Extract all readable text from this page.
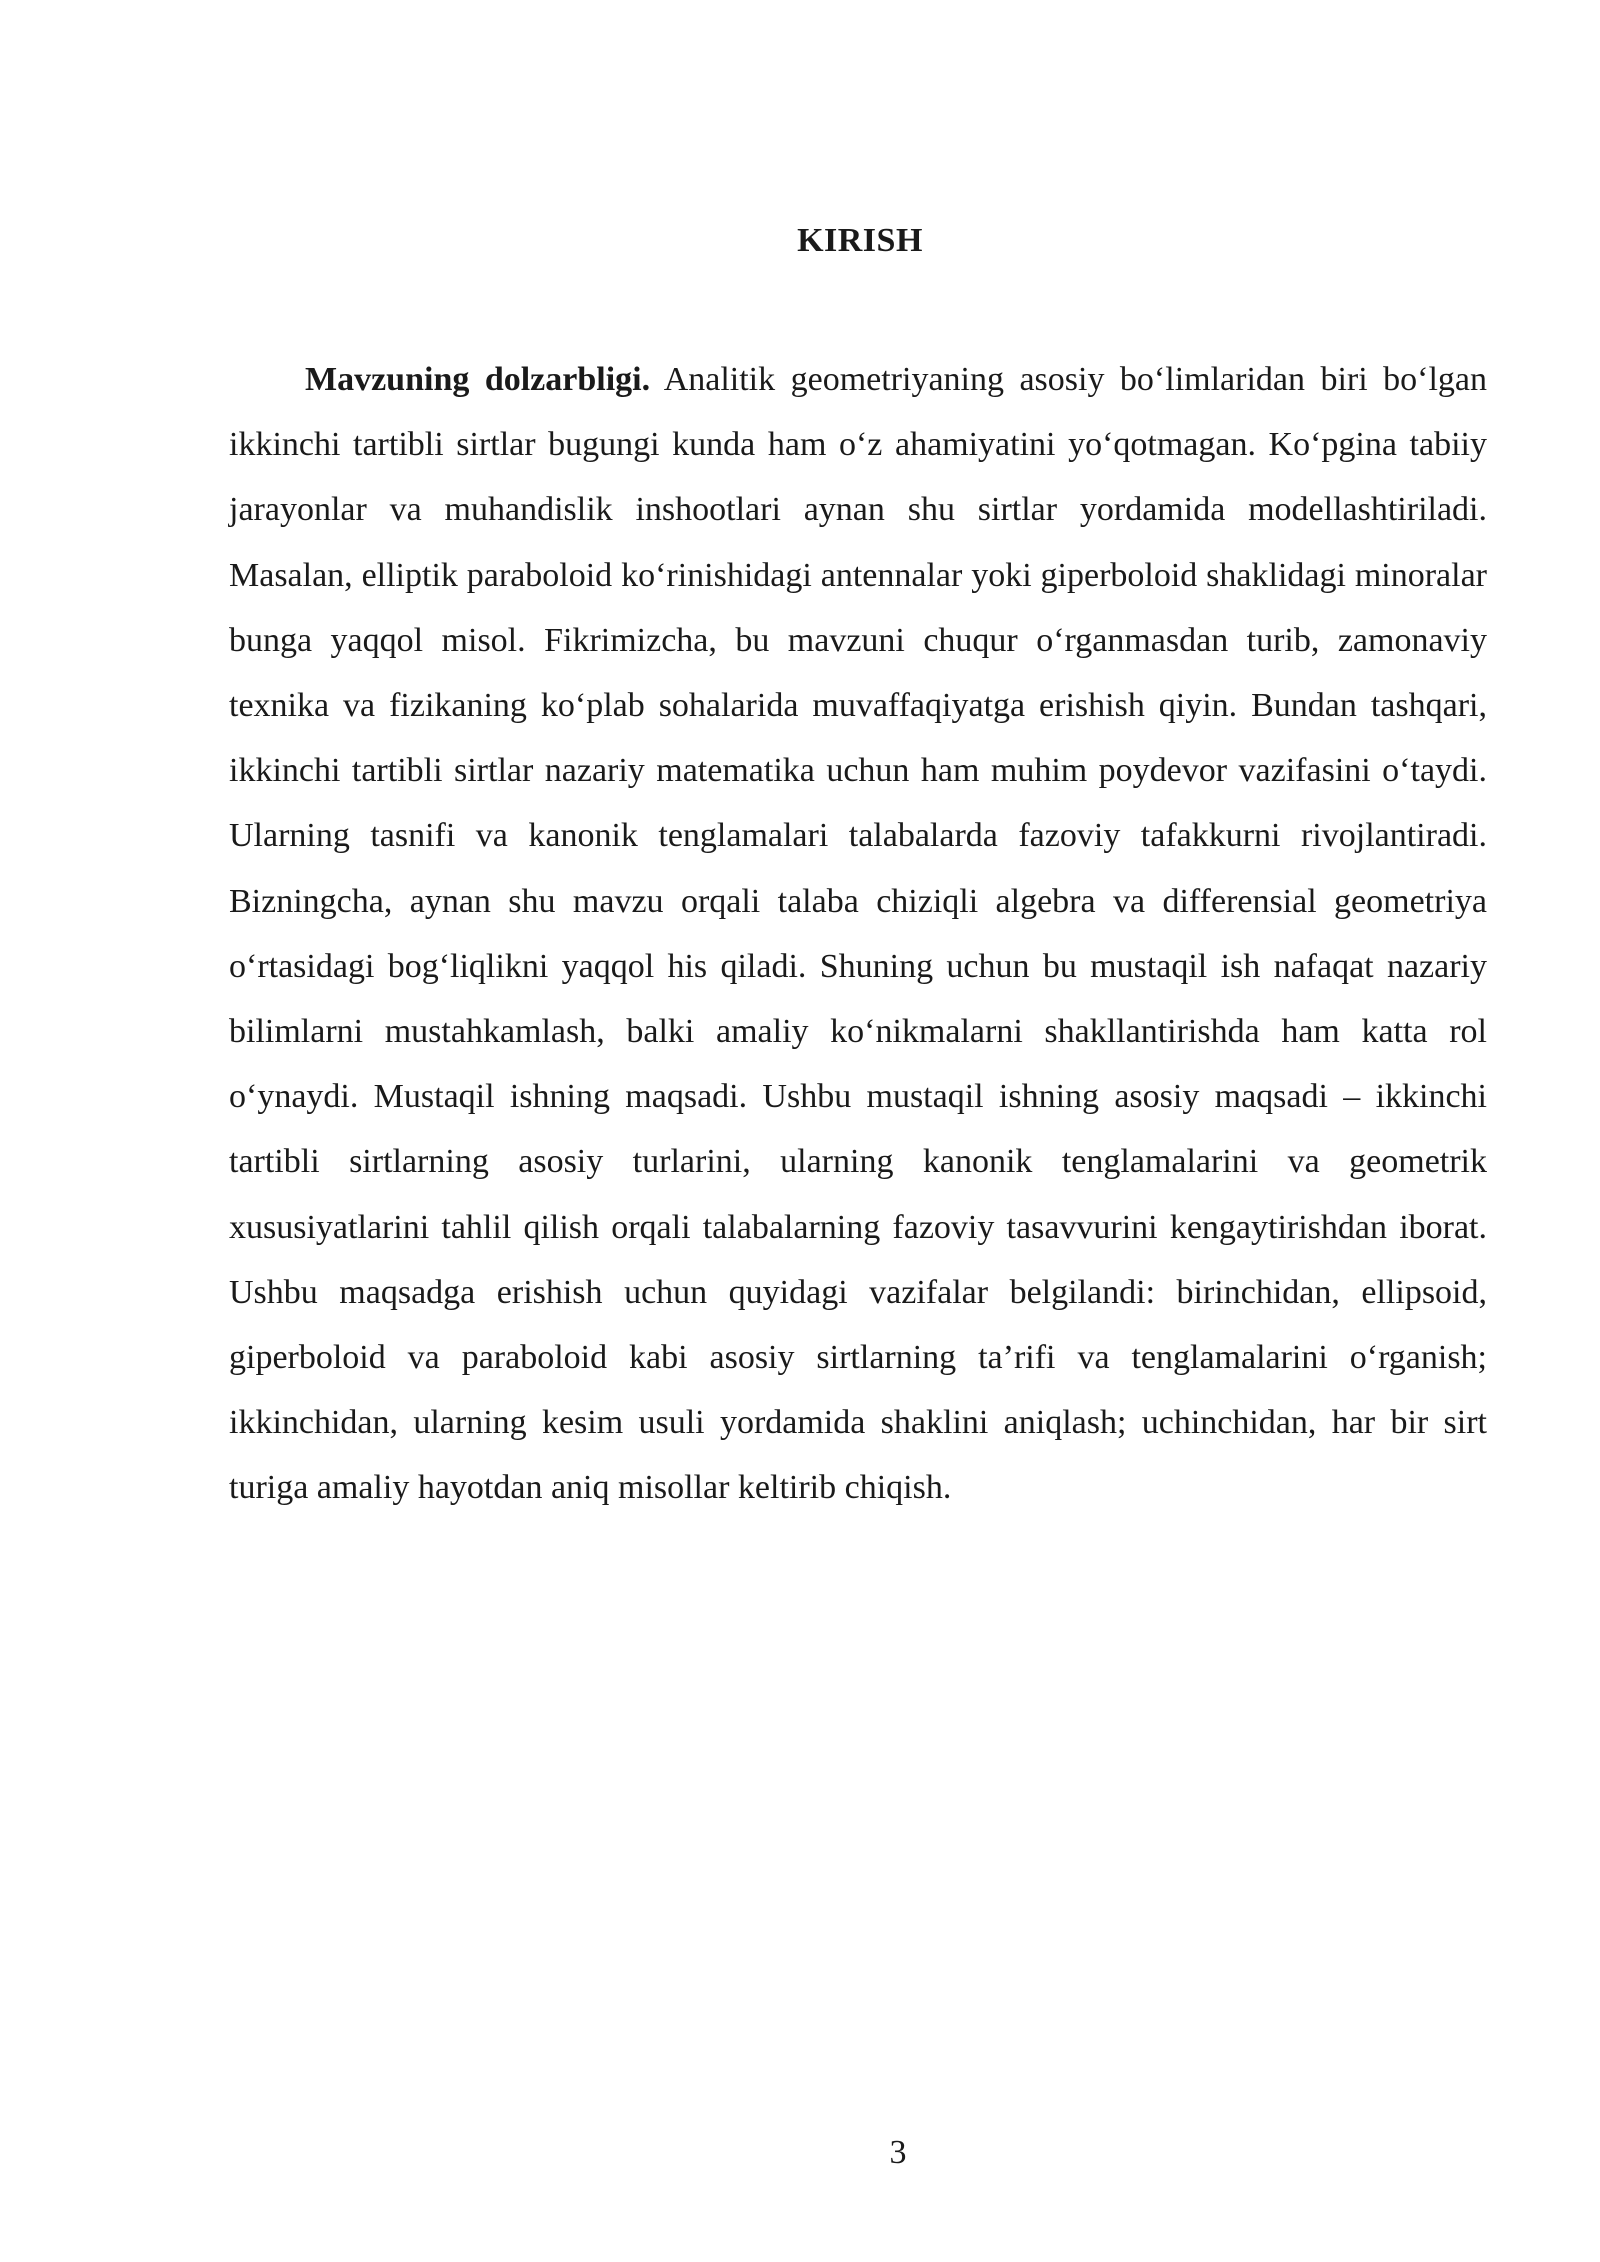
KIRISH

Mavzuning dolzarbligi. Analitik geometriyaning asosiy bo‘limlaridan biri bo‘lgan ikkinchi tartibli sirtlar bugungi kunda ham o‘z ahamiyatini yo‘qotmagan. Ko‘pgina tabiiy jarayonlar va muhandislik inshootlari aynan shu sirtlar yordamida modellashtiriladi. Masalan, elliptik paraboloid ko‘rinishidagi antennalar yoki giperboloid shaklidagi minoralar bunga yaqqol misol. Fikrimizcha, bu mavzuni chuqur o‘rganmasdan turib, zamonaviy texnika va fizikaning ko‘plab sohalarida muvaffaqiyatga erishish qiyin. Bundan tashqari, ikkinchi tartibli sirtlar nazariy matematika uchun ham muhim poydevor vazifasini o‘taydi. Ularning tasnifi va kanonik tenglamalari talabalarda fazoviy tafakkurni rivojlantiradi. Bizningcha, aynan shu mavzu orqali talaba chiziqli algebra va differensial geometriya o‘rtasidagi bog‘liqlikni yaqqol his qiladi. Shuning uchun bu mustaqil ish nafaqat nazariy bilimlarni mustahkamlash, balki amaliy ko‘nikmalarni shakllantirishda ham katta rol o‘ynaydi. Mustaqil ishning maqsadi. Ushbu mustaqil ishning asosiy maqsadi – ikkinchi tartibli sirtlarning asosiy turlarini, ularning kanonik tenglamalarini va geometrik xususiyatlarini tahlil qilish orqali talabalarning fazoviy tasavvurini kengaytirishdan iborat. Ushbu maqsadga erishish uchun quyidagi vazifalar belgilandi: birinchidan, ellipsoid, giperboloid va paraboloid kabi asosiy sirtlarning ta’rifi va tenglamalarini o‘rganish; ikkinchidan, ularning kesim usuli yordamida shaklini aniqlash; uchinchidan, har bir sirt turiga amaliy hayotdan aniq misollar keltirib chiqish.

3
